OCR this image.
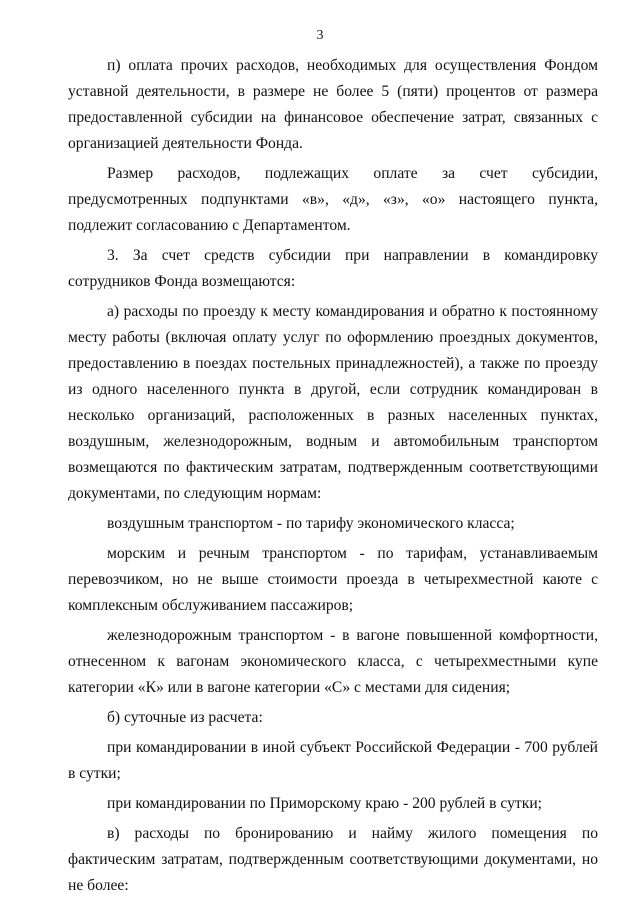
3

п) оплата прочих расходов, необходимых для осуществления Фондом уставной деятельности, в размере не более 5 (пяти) процентов от размера предоставленной субсидии на финансовое обеспечение затрат, связанных с организацией деятельности Фонда.

Размер расходов, подлежащих оплате за счет субсидии, предусмотренных подпунктами «в», «д», «з», «о» настоящего пункта, подлежит согласованию с Департаментом.

3. За счет средств субсидии при направлении в командировку сотрудников Фонда возмещаются:

а) расходы по проезду к месту командирования и обратно к постоянному месту работы (включая оплату услуг по оформлению проездных документов, предоставлению в поездах постельных принадлежностей), а также по проезду из одного населенного пункта в другой, если сотрудник командирован в несколько организаций, расположенных в разных населенных пунктах, воздушным, железнодорожным, водным и автомобильным транспортом возмещаются по фактическим затратам, подтвержденным соответствующими документами, по следующим нормам:

воздушным транспортом - по тарифу экономического класса;

морским и речным транспортом - по тарифам, устанавливаемым перевозчиком, но не выше стоимости проезда в четырехместной каюте с комплексным обслуживанием пассажиров;

железнодорожным транспортом - в вагоне повышенной комфортности, отнесенном к вагонам экономического класса, с четырехместными купе категории «К» или в вагоне категории «С» с местами для сидения;

б) суточные из расчета:

при командировании в иной субъект Российской Федерации - 700 рублей в сутки;

при командировании по Приморскому краю - 200 рублей в сутки;

в) расходы по бронированию и найму жилого помещения по фактическим затратам, подтвержденным соответствующими документами, но не более:
